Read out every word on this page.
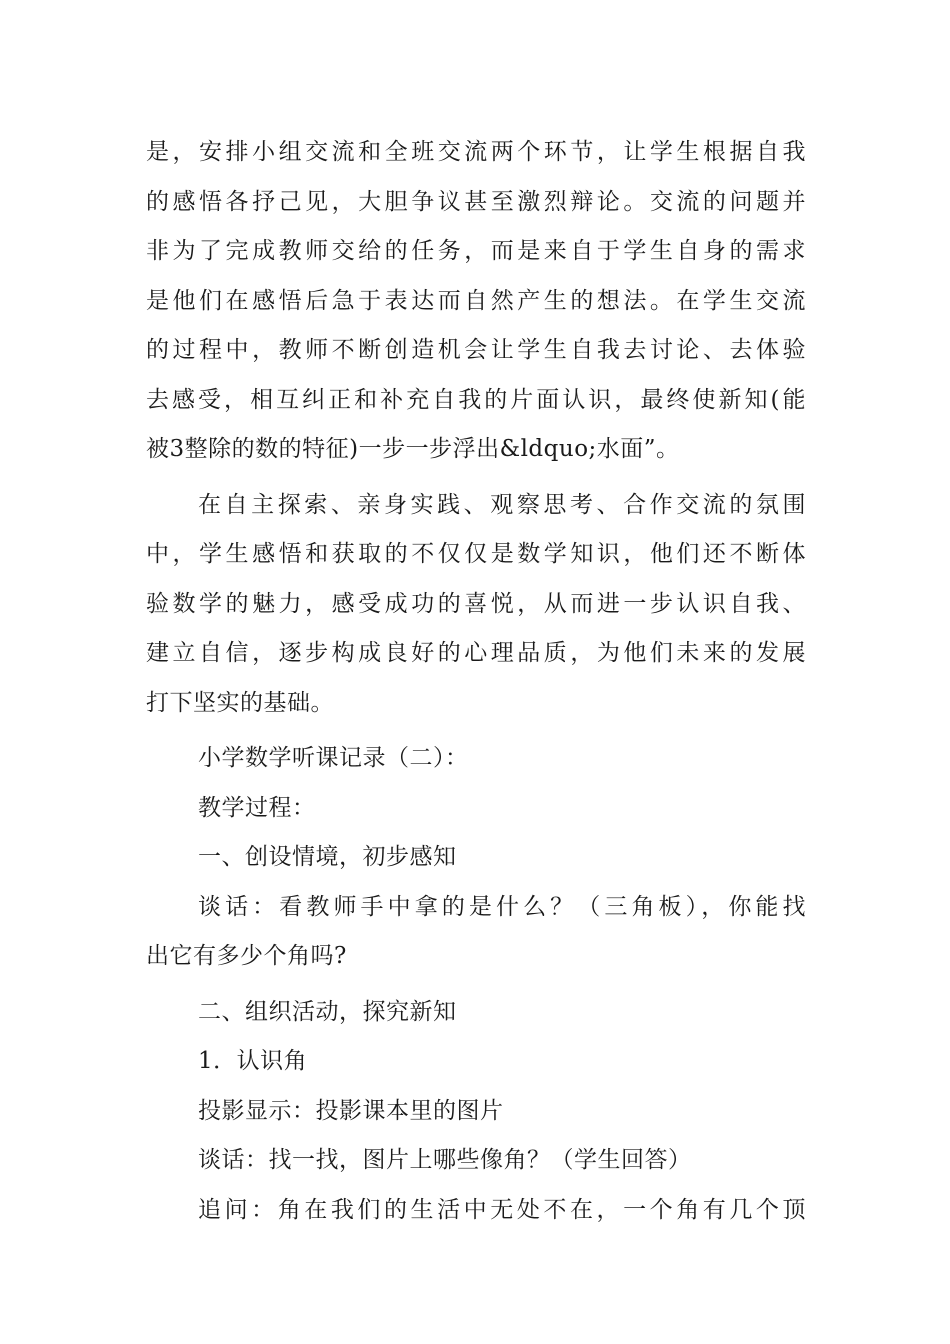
是，安排小组交流和全班交流两个环节，让学生根据自我
的感悟各抒己见，大胆争议甚至激烈辩论。交流的问题并
非为了完成教师交给的任务，而是来自于学生自身的需求
是他们在感悟后急于表达而自然产生的想法。在学生交流
的过程中，教师不断创造机会让学生自我去讨论、去体验
去感受，相互纠正和补充自我的片面认识，最终使新知(能
被3整除的数的特征)一步一步浮出&ldquo;水面”。

在自主探索、亲身实践、观察思考、合作交流的氛围
中，学生感悟和获取的不仅仅是数学知识，他们还不断体
验数学的魅力，感受成功的喜悦，从而进一步认识自我、
建立自信，逐步构成良好的心理品质，为他们未来的发展
打下坚实的基础。

小学数学听课记录（二）：

教学过程：

一、创设情境，初步感知

谈话：看教师手中拿的是什么？（三角板），你能找
出它有多少个角吗?

二、组织活动，探究新知

1．认识角

投影显示：投影课本里的图片

谈话：找一找，图片上哪些像角？（学生回答）

追问：角在我们的生活中无处不在，一个角有几个顶
